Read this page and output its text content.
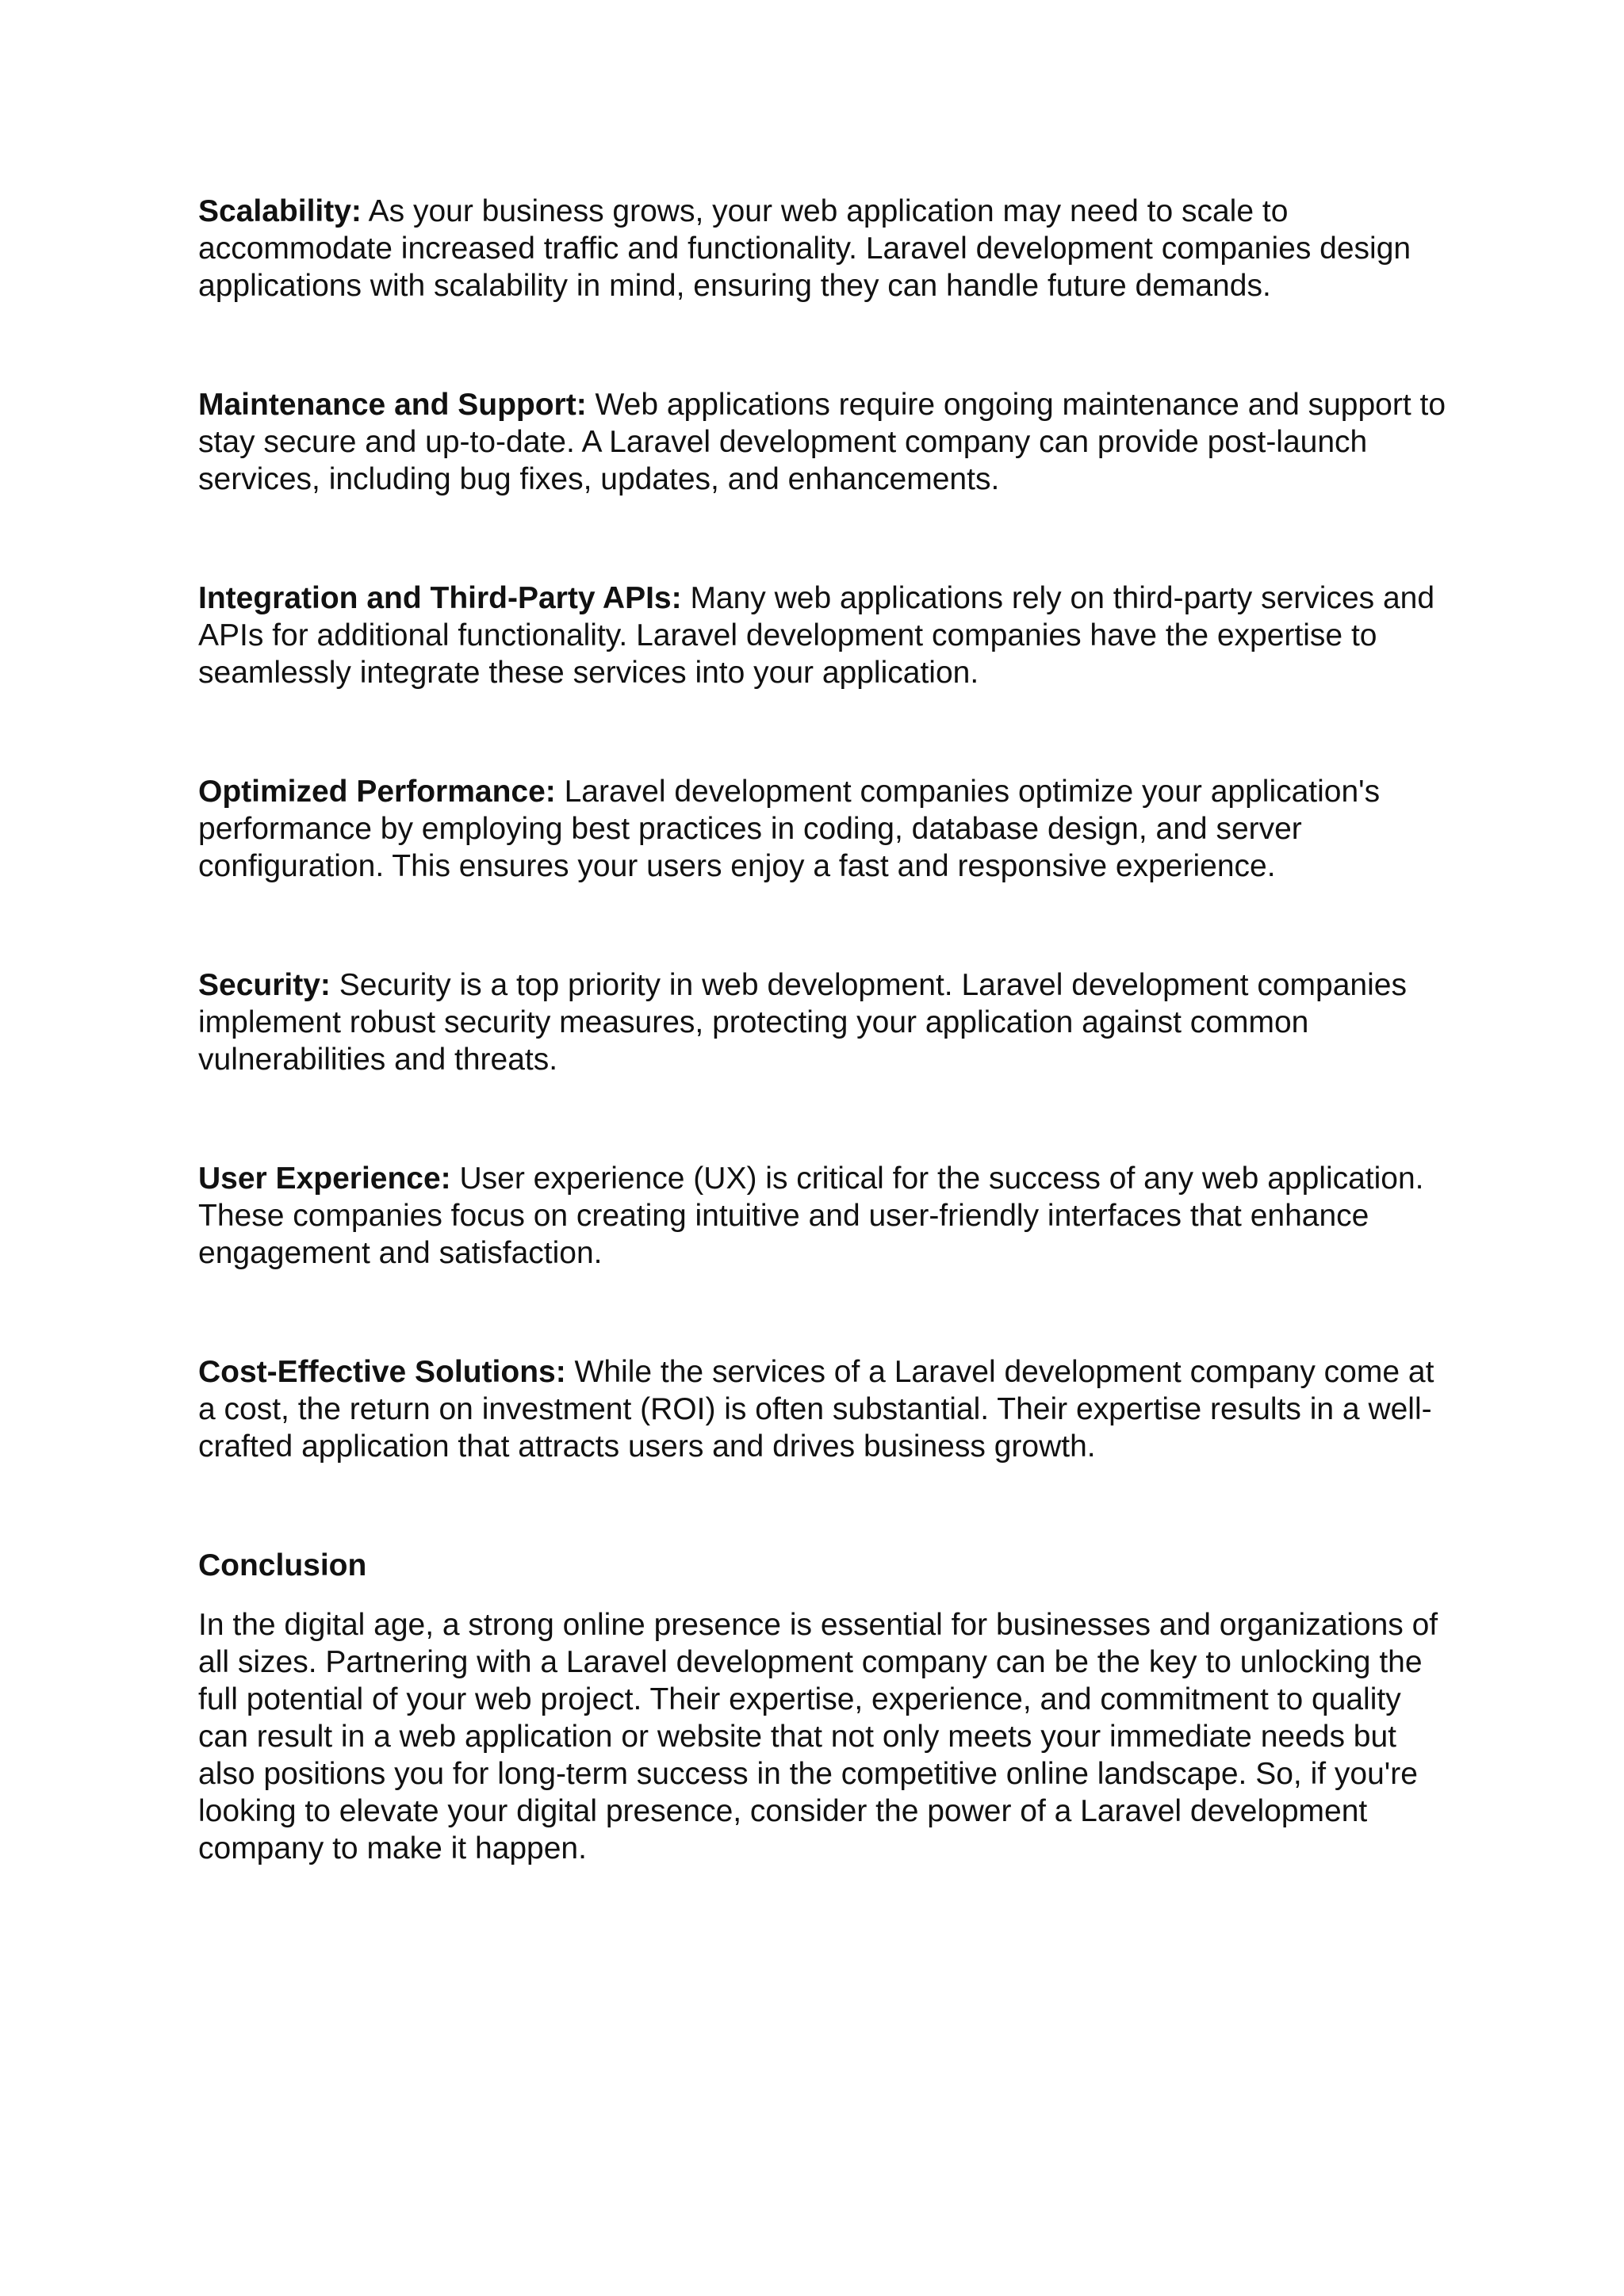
Scalability: As your business grows, your web application may need to scale to accommodate increased traffic and functionality. Laravel development companies design applications with scalability in mind, ensuring they can handle future demands.

Maintenance and Support: Web applications require ongoing maintenance and support to stay secure and up-to-date. A Laravel development company can provide post-launch services, including bug fixes, updates, and enhancements.

Integration and Third-Party APIs: Many web applications rely on third-party services and APIs for additional functionality. Laravel development companies have the expertise to seamlessly integrate these services into your application.

Optimized Performance: Laravel development companies optimize your application's performance by employing best practices in coding, database design, and server configuration. This ensures your users enjoy a fast and responsive experience.

Security: Security is a top priority in web development. Laravel development companies implement robust security measures, protecting your application against common vulnerabilities and threats.

User Experience: User experience (UX) is critical for the success of any web application. These companies focus on creating intuitive and user-friendly interfaces that enhance engagement and satisfaction.

Cost-Effective Solutions: While the services of a Laravel development company come at a cost, the return on investment (ROI) is often substantial. Their expertise results in a well-crafted application that attracts users and drives business growth.

Conclusion

In the digital age, a strong online presence is essential for businesses and organizations of all sizes. Partnering with a Laravel development company can be the key to unlocking the full potential of your web project. Their expertise, experience, and commitment to quality can result in a web application or website that not only meets your immediate needs but also positions you for long-term success in the competitive online landscape. So, if you're looking to elevate your digital presence, consider the power of a Laravel development company to make it happen.
